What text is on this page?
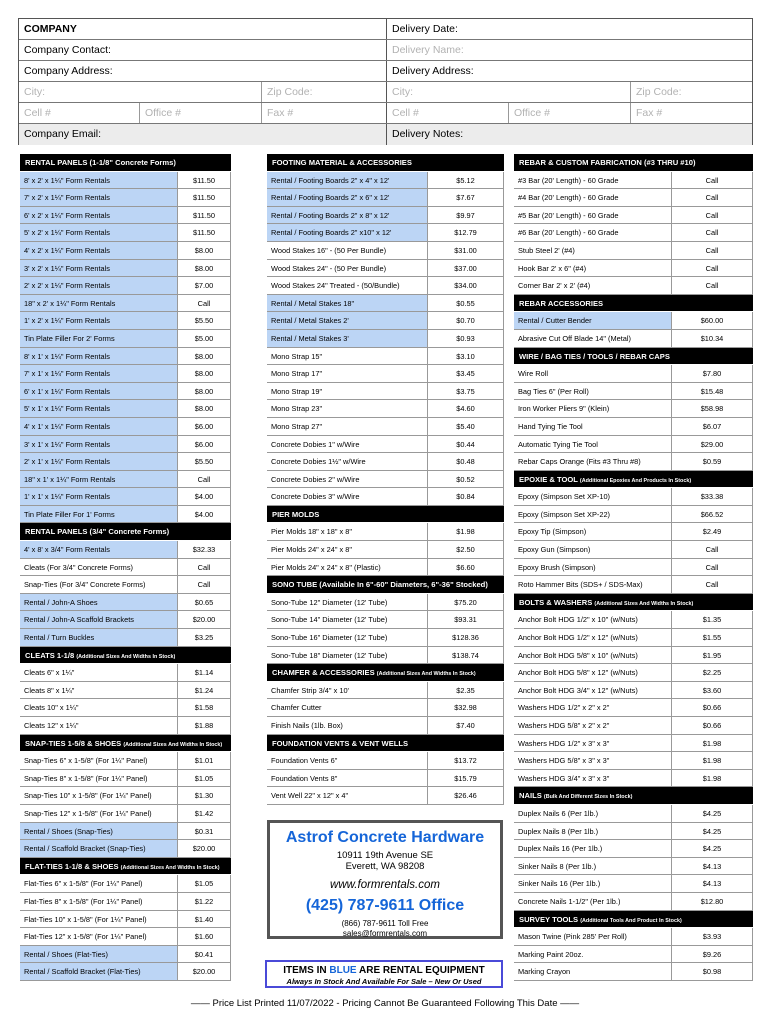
COMPANY	Delivery Date:
Company Contact:	Delivery Name:
Company Address:	Delivery Address:
City:	Zip Code:	City:	Zip Code:
Cell #	Office #	Fax #	Cell #	Office #	Fax #
Company Email:	Delivery Notes:
RENTAL PANELS (1-1/8" Concrete Forms)
8' x 2' x 1¼" Form Rentals	$11.50
7' x 2' x 1¼" Form Rentals	$11.50
6' x 2' x 1¼" Form Rentals	$11.50
5' x 2' x 1¼" Form Rentals	$11.50
4' x 2' x 1¼" Form Rentals	$8.00
3' x 2' x 1¼" Form Rentals	$8.00
2' x 2' x 1¼" Form Rentals	$7.00
18" x 2' x 1¼" Form Rentals	Call
1' x 2' x 1¼" Form Rentals	$5.50
Tin Plate Filler For 2' Forms	$5.00
8' x 1' x 1¼" Form Rentals	$8.00
7' x 1' x 1¼" Form Rentals	$8.00
6' x 1' x 1¼" Form Rentals	$8.00
5' x 1' x 1¼" Form Rentals	$8.00
4' x 1' x 1¼" Form Rentals	$6.00
3' x 1' x 1¼" Form Rentals	$6.00
2' x 1' x 1¼" Form Rentals	$5.50
18" x 1' x 1¼" Form Rentals	Call
1' x 1' x 1¼" Form Rentals	$4.00
Tin Plate Filler For 1' Forms	$4.00
RENTAL PANELS (3/4" Concrete Forms)
4' x 8' x 3/4" Form Rentals	$32.33
Cleats (For 3/4" Concrete Forms)	Call
Snap-Ties (For 3/4" Concrete Forms)	Call
Rental / John-A Shoes	$0.65
Rental / John-A Scaffold Brackets	$20.00
Rental / Turn Buckles	$3.25
CLEATS 1-1/8 (Additional Sizes And Widths In Stock)
Cleats 6" x 1¼"	$1.14
Cleats 8" x 1¼"	$1.24
Cleats 10" x 1¼"	$1.58
Cleats 12" x 1¼"	$1.88
SNAP-TIES 1-5/8 & SHOES (Additional Sizes And Widths In Stock)
Snap-Ties 6" x 1-5/8" (For 1¼" Panel)	$1.01
Snap-Ties 8" x 1-5/8" (For 1¼" Panel)	$1.05
Snap-Ties 10" x 1-5/8" (For 1¼" Panel)	$1.30
Snap-Ties 12" x 1-5/8" (For 1¼" Panel)	$1.42
Rental / Shoes (Snap-Ties)	$0.31
Rental / Scaffold Bracket (Snap-Ties)	$20.00
FLAT-TIES 1-1/8 & SHOES (Additional Sizes And Widths In Stock)
Flat-Ties 6" x 1-5/8" (For 1¼" Panel)	$1.05
Flat-Ties 8" x 1-5/8" (For 1¼" Panel)	$1.22
Flat-Ties 10" x 1-5/8" (For 1¼" Panel)	$1.40
Flat-Ties 12" x 1-5/8" (For 1¼" Panel)	$1.60
Rental / Shoes (Flat-Ties)	$0.41
Rental / Scaffold Bracket (Flat-Ties)	$20.00
FOOTING MATERIAL & ACCESSORIES
Rental / Footing Boards 2" x 4" x 12'	$5.12
Rental / Footing Boards 2" x 6" x 12'	$7.67
Rental / Footing Boards 2" x 8" x 12'	$9.97
Rental / Footing Boards 2" x10" x 12'	$12.79
Wood Stakes 16" - (50 Per Bundle)	$31.00
Wood Stakes 24" - (50 Per Bundle)	$37.00
Wood Stakes 24" Treated - (50/Bundle)	$34.00
Rental / Metal Stakes 18"	$0.55
Rental / Metal Stakes 2'	$0.70
Rental / Metal Stakes 3'	$0.93
Mono Strap 15"	$3.10
Mono Strap 17"	$3.45
Mono Strap 19"	$3.75
Mono Strap 23"	$4.60
Mono Strap 27"	$5.40
Concrete Dobies 1" w/Wire	$0.44
Concrete Dobies 1½" w/Wire	$0.48
Concrete Dobies 2" w/Wire	$0.52
Concrete Dobies 3" w/Wire	$0.84
PIER MOLDS
Pier Molds 18" x 18" x 8"	$1.98
Pier Molds 24" x 24" x 8"	$2.50
Pier Molds 24" x 24" x 8" (Plastic)	$6.60
SONO TUBE (Available In 6"-60" Diameters, 6"-36" Stocked)
Sono-Tube 12" Diameter (12' Tube)	$75.20
Sono-Tube 14" Diameter (12' Tube)	$93.31
Sono-Tube 16" Diameter (12' Tube)	$128.36
Sono-Tube 18" Diameter (12' Tube)	$138.74
CHAMFER & ACCESSORIES (Additional Sizes And Widths In Stock)
Chamfer Strip 3/4" x 10'	$2.35
Chamfer Cutter	$32.98
Finish Nails (1lb. Box)	$7.40
FOUNDATION VENTS & VENT WELLS
Foundation Vents 6"	$13.72
Foundation Vents 8"	$15.79
Vent Well 22" x 12" x 4"	$26.46
REBAR & CUSTOM FABRICATION (#3 THRU #10)
#3 Bar (20' Length) - 60 Grade	Call
#4 Bar (20' Length) - 60 Grade	Call
#5 Bar (20' Length) - 60 Grade	Call
#6 Bar (20' Length) - 60 Grade	Call
Stub Steel 2' (#4)	Call
Hook Bar 2' x 6" (#4)	Call
Corner Bar 2' x 2' (#4)	Call
REBAR ACCESSORIES
Rental / Cutter Bender	$60.00
Abrasive Cut Off Blade 14" (Metal)	$10.34
WIRE / BAG TIES / TOOLS / REBAR CAPS
Wire Roll	$7.80
Bag Ties 6" (Per Roll)	$15.48
Iron Worker Pliers 9" (Klein)	$58.98
Hand Tying Tie Tool	$6.07
Automatic Tying Tie Tool	$29.00
Rebar Caps Orange (Fits #3 Thru #8)	$0.59
EPOXIE & TOOL (Additional Epoxies And Products In Stock)
Epoxy (Simpson Set XP-10)	$33.38
Epoxy (Simpson Set XP-22)	$66.52
Epoxy Tip (Simpson)	$2.49
Epoxy Gun (Simpson)	Call
Epoxy Brush (Simpson)	Call
Roto Hammer Bits (SDS+ / SDS-Max)	Call
BOLTS & WASHERS (Additional Sizes And Widths In Stock)
Anchor Bolt HDG 1/2" x 10" (w/Nuts)	$1.35
Anchor Bolt HDG 1/2" x 12" (w/Nuts)	$1.55
Anchor Bolt HDG 5/8" x 10" (w/Nuts)	$1.95
Anchor Bolt HDG 5/8" x 12" (w/Nuts)	$2.25
Anchor Bolt HDG 3/4" x 12" (w/Nuts)	$3.60
Washers HDG 1/2" x 2" x 2"	$0.66
Washers HDG 5/8" x 2" x 2"	$0.66
Washers HDG 1/2" x 3" x 3"	$1.98
Washers HDG 5/8" x 3" x 3"	$1.98
Washers HDG 3/4" x 3" x 3"	$1.98
NAILS (Bulk And Different Sizes In Stock)
Duplex Nails 6 (Per 1lb.)	$4.25
Duplex Nails 8 (Per 1lb.)	$4.25
Duplex Nails 16 (Per 1lb.)	$4.25
Sinker Nails 8 (Per 1lb.)	$4.13
Sinker Nails 16 (Per 1lb.)	$4.13
Concrete Nails 1-1/2" (Per 1lb.)	$12.80
SURVEY TOOLS (Additional Tools And Product In Stock)
Mason Twine (Pink 285' Per Roll)	$3.93
Marking Paint 20oz.	$9.26
Marking Crayon	$0.98
Astrof Concrete Hardware
10911 19th Avenue SE
Everett, WA 98208
www.formrentals.com
(425) 787-9611 Office
(866) 787-9611 Toll Free
sales@formrentals.com
ITEMS IN BLUE ARE RENTAL EQUIPMENT
Always In Stock And Available For Sale – New Or Used
—— Price List Printed 11/07/2022 - Pricing Cannot Be Guaranteed Following This Date ——
